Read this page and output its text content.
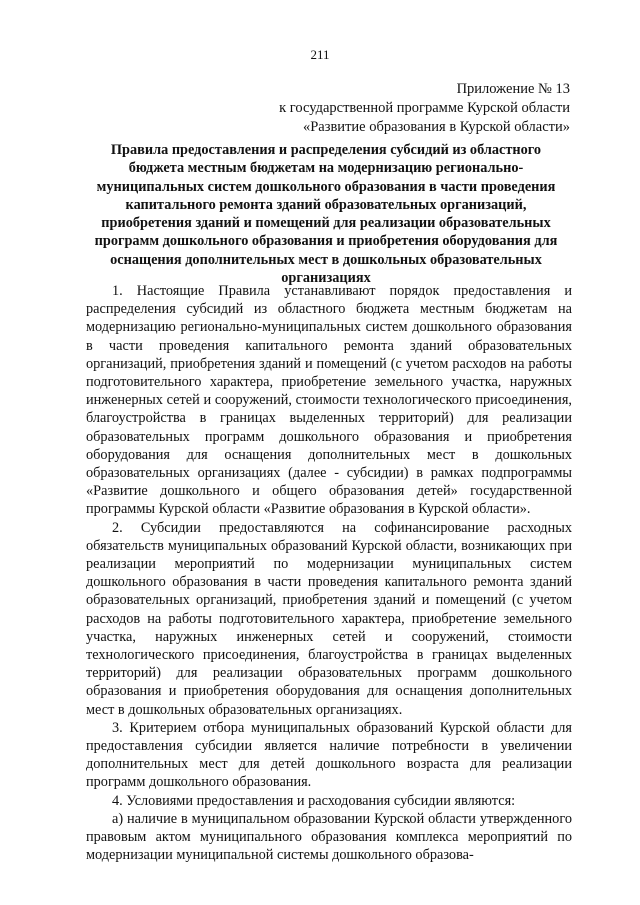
211
Приложение № 13
к государственной программе Курской области
«Развитие образования в Курской области»
Правила предоставления и распределения субсидий из областного бюджета местным бюджетам на модернизацию регионально-муниципальных систем дошкольного образования в части проведения капитального ремонта зданий образовательных организаций, приобретения зданий и помещений для реализации образовательных программ дошкольного образования и приобретения оборудования для оснащения дополнительных мест в дошкольных образовательных организациях

1. Настоящие Правила устанавливают порядок предоставления и распределения субсидий из областного бюджета местным бюджетам на модернизацию регионально-муниципальных систем дошкольного образования в части проведения капитального ремонта зданий образовательных организаций, приобретения зданий и помещений (с учетом расходов на работы подготовительного характера, приобретение земельного участка, наружных инженерных сетей и сооружений, стоимости технологического присоединения, благоустройства в границах выделенных территорий) для реализации образовательных программ дошкольного образования и приобретения оборудования для оснащения дополнительных мест в дошкольных образовательных организациях (далее - субсидии) в рамках подпрограммы «Развитие дошкольного и общего образования детей» государственной программы Курской области «Развитие образования в Курской области».

2. Субсидии предоставляются на софинансирование расходных обязательств муниципальных образований Курской области, возникающих при реализации мероприятий по модернизации муниципальных систем дошкольного образования в части проведения капитального ремонта зданий образовательных организаций, приобретения зданий и помещений (с учетом расходов на работы подготовительного характера, приобретение земельного участка, наружных инженерных сетей и сооружений, стоимости технологического присоединения, благоустройства в границах выделенных территорий) для реализации образовательных программ дошкольного образования и приобретения оборудования для оснащения дополнительных мест в дошкольных образовательных организациях.

3. Критерием отбора муниципальных образований Курской области для предоставления субсидии является наличие потребности в увеличении дополнительных мест для детей дошкольного возраста для реализации программ дошкольного образования.

4. Условиями предоставления и расходования субсидии являются:

а) наличие в муниципальном образовании Курской области утвержденного правовым актом муниципального образования комплекса мероприятий по модернизации муниципальной системы дошкольного образова-
